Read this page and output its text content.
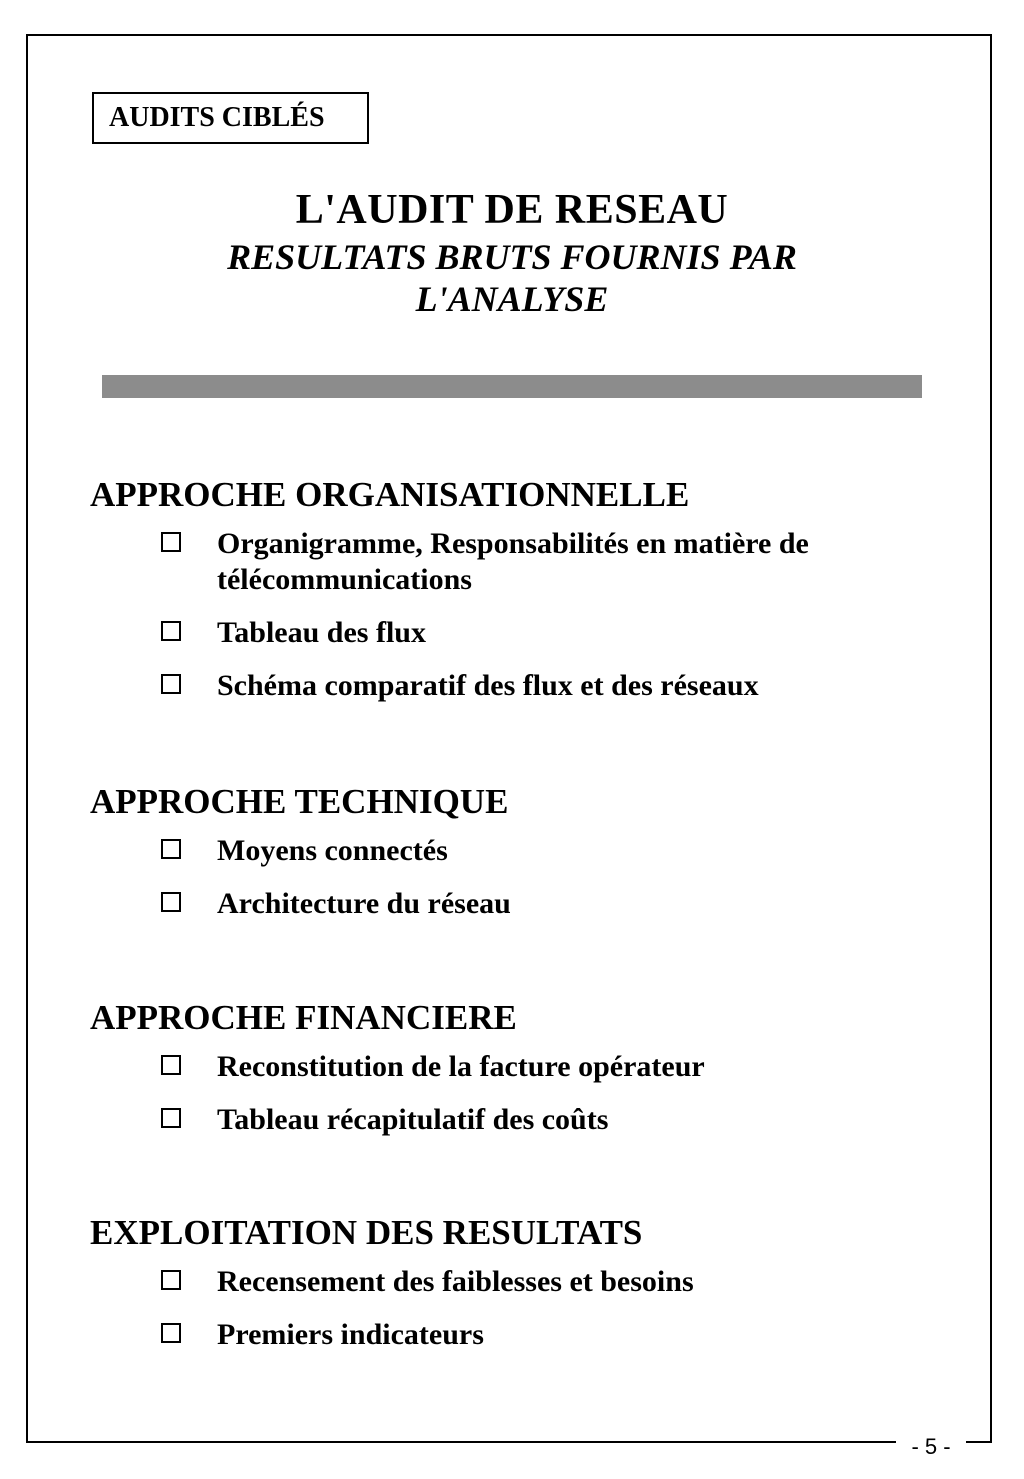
AUDITS CIBLÉS
L'AUDIT DE RESEAU
RESULTATS BRUTS FOURNIS PAR L'ANALYSE
APPROCHE ORGANISATIONNELLE
Organigramme, Responsabilités en matière de télécommunications
Tableau des flux
Schéma comparatif des flux et des réseaux
APPROCHE TECHNIQUE
Moyens connectés
Architecture du réseau
APPROCHE FINANCIERE
Reconstitution de la facture opérateur
Tableau récapitulatif des coûts
EXPLOITATION DES RESULTATS
Recensement des faiblesses et besoins
Premiers indicateurs
- 5 -
